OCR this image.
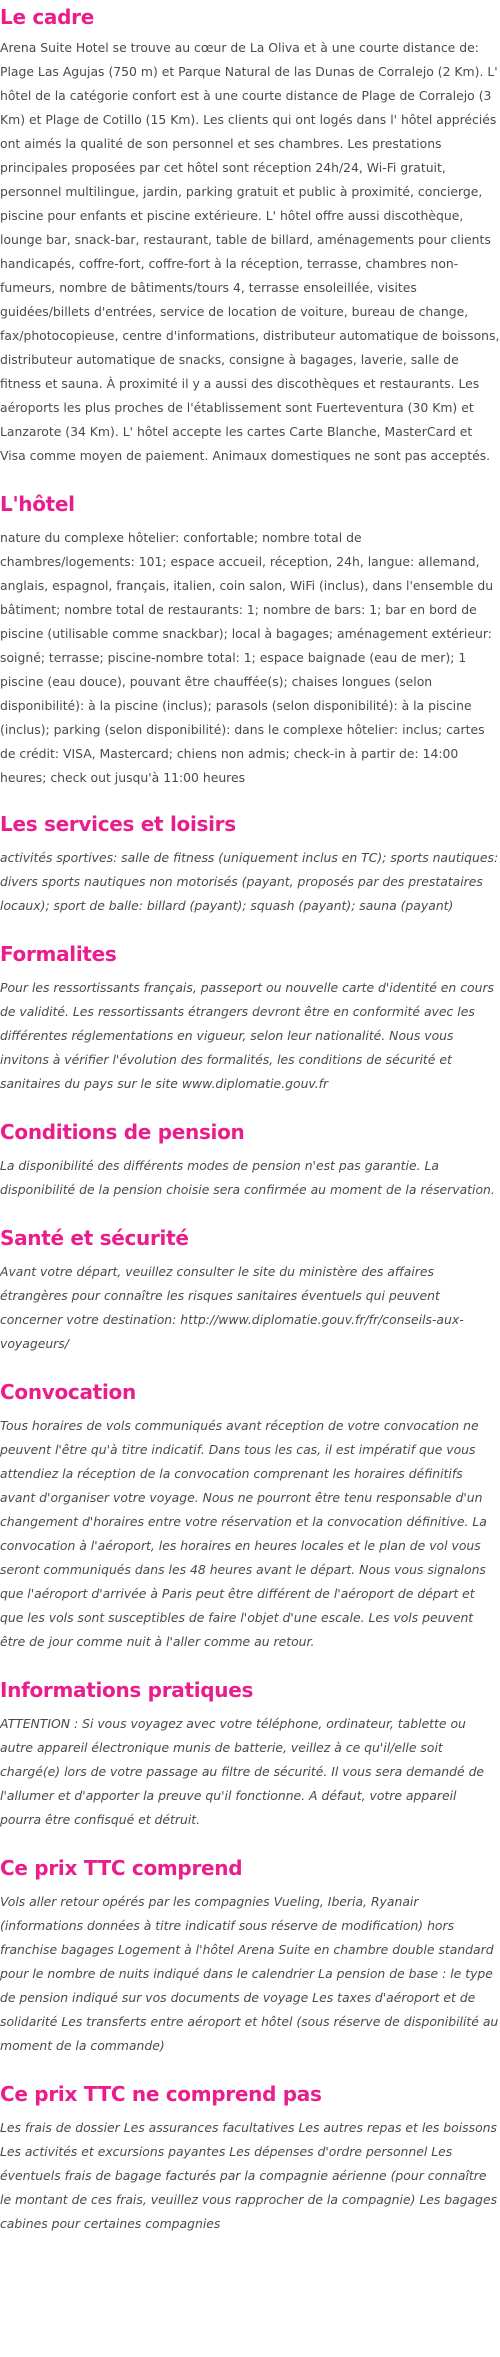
Le cadre

Arena Suite Hotel se trouve au cœur de La Oliva et à une courte distance de: Plage Las Agujas (750 m) et Parque Natural de las Dunas de Corralejo (2 Km). L' hôtel de la catégorie confort est à une courte distance de Plage de Corralejo (3 Km) et Plage de Cotillo (15 Km). Les clients qui ont logés dans l' hôtel appréciés ont aimés la qualité de son personnel et ses chambres. Les prestations principales proposées par cet hôtel sont réception 24h/24, Wi-Fi gratuit, personnel multilingue, jardin, parking gratuit et public à proximité, concierge, piscine pour enfants et piscine extérieure. L' hôtel offre aussi discothèque, lounge bar, snack-bar, restaurant, table de billard, aménagements pour clients handicapés, coffre-fort, coffre-fort à la réception, terrasse, chambres non-fumeurs, nombre de bâtiments/tours 4, terrasse ensoleillée, visites guidées/billets d'entrées, service de location de voiture, bureau de change, fax/photocopieuse, centre d'informations, distributeur automatique de boissons, distributeur automatique de snacks, consigne à bagages, laverie, salle de fitness et sauna. À proximité il y a aussi des discothèques et restaurants. Les aéroports les plus proches de l'établissement sont Fuerteventura (30 Km) et Lanzarote (34 Km). L' hôtel accepte les cartes Carte Blanche, MasterCard et Visa comme moyen de paiement. Animaux domestiques ne sont pas acceptés.

L'hôtel

nature du complexe hôtelier: confortable; nombre total de chambres/logements: 101; espace accueil, réception, 24h, langue: allemand, anglais, espagnol, français, italien, coin salon, WiFi (inclus), dans l'ensemble du bâtiment; nombre total de restaurants: 1; nombre de bars: 1; bar en bord de piscine (utilisable comme snackbar); local à bagages; aménagement extérieur: soigné; terrasse; piscine-nombre total: 1; espace baignade (eau de mer); 1 piscine (eau douce), pouvant être chauffée(s); chaises longues (selon disponibilité): à la piscine (inclus); parasols (selon disponibilité): à la piscine (inclus); parking (selon disponibilité): dans le complexe hôtelier: inclus; cartes de crédit: VISA, Mastercard; chiens non admis; check-in à partir de: 14:00 heures; check out jusqu'à 11:00 heures

Les services et loisirs

activités sportives: salle de fitness (uniquement inclus en TC); sports nautiques: divers sports nautiques non motorisés (payant, proposés par des prestataires locaux); sport de balle: billard (payant); squash (payant); sauna (payant)

Formalites

Pour les ressortissants français, passeport ou nouvelle carte d'identité en cours de validité. Les ressortissants étrangers devront être en conformité avec les différentes réglementations en vigueur, selon leur nationalité. Nous vous invitons à vérifier l'évolution des formalités, les conditions de sécurité et sanitaires du pays sur le site www.diplomatie.gouv.fr

Conditions de pension

La disponibilité des différents modes de pension n'est pas garantie. La disponibilité de la pension choisie sera confirmée au moment de la réservation.

Santé et sécurité

Avant votre départ, veuillez consulter le site du ministère des affaires étrangères pour connaître les risques sanitaires éventuels qui peuvent concerner votre destination: http://www.diplomatie.gouv.fr/fr/conseils-aux-voyageurs/

Convocation

Tous horaires de vols communiqués avant réception de votre convocation ne peuvent l'être qu'à titre indicatif. Dans tous les cas, il est impératif que vous attendiez la réception de la convocation comprenant les horaires définitifs avant d'organiser votre voyage. Nous ne pourront être tenu responsable d'un changement d'horaires entre votre réservation et la convocation définitive. La convocation à l'aéroport, les horaires en heures locales et le plan de vol vous seront communiqués dans les 48 heures avant le départ. Nous vous signalons que l'aéroport d'arrivée à Paris peut être différent de l'aéroport de départ et que les vols sont susceptibles de faire l'objet d'une escale. Les vols peuvent être de jour comme nuit à l'aller comme au retour.

Informations pratiques

ATTENTION : Si vous voyagez avec votre téléphone, ordinateur, tablette ou autre appareil électronique munis de batterie, veillez à ce qu'il/elle soit chargé(e) lors de votre passage au filtre de sécurité. Il vous sera demandé de l'allumer et d'apporter la preuve qu'il fonctionne. A défaut, votre appareil pourra être confisqué et détruit.

Ce prix TTC comprend

Vols aller retour opérés par les compagnies Vueling, Iberia, Ryanair (informations données à titre indicatif sous réserve de modification) hors franchise bagages Logement à l'hôtel Arena Suite en chambre double standard pour le nombre de nuits indiqué dans le calendrier La pension de base : le type de pension indiqué sur vos documents de voyage Les taxes d'aéroport et de solidarité Les transferts entre aéroport et hôtel (sous réserve de disponibilité au moment de la commande)

Ce prix TTC ne comprend pas

Les frais de dossier Les assurances facultatives Les autres repas et les boissons Les activités et excursions payantes Les dépenses d'ordre personnel Les éventuels frais de bagage facturés par la compagnie aérienne (pour connaître le montant de ces frais, veuillez vous rapprocher de la compagnie) Les bagages cabines pour certaines compagnies
